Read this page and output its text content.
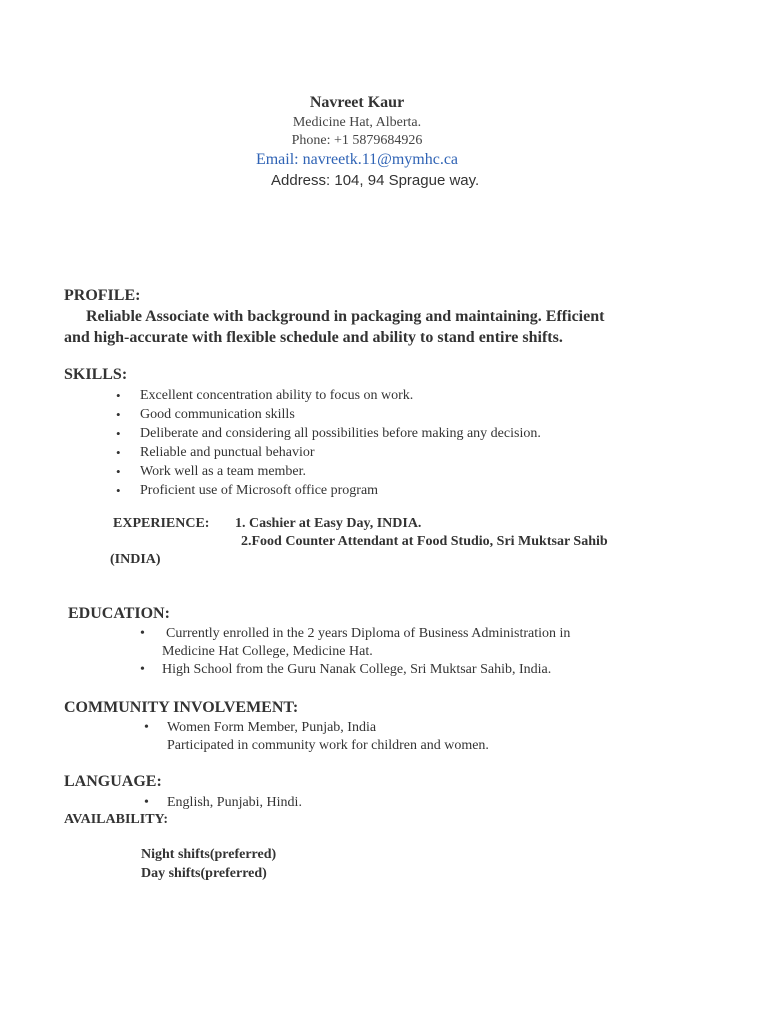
Navreet Kaur
Medicine Hat, Alberta.
Phone: +1 5879684926
Email: navreetk.11@mymhc.ca
Address: 104, 94 Sprague way.
PROFILE:
Reliable Associate with background in packaging and maintaining. Efficient
and high-accurate with flexible schedule and ability to stand entire shifts.
SKILLS:
• Excellent concentration ability to focus on work.
• Good communication skills
• Deliberate and considering all possibilities before making any decision.
• Reliable and punctual behavior
• Work well as a team member.
• Proficient use of Microsoft office program
EXPERIENCE: 1. Cashier at Easy Day, INDIA.
2.Food Counter Attendant at Food Studio, Sri Muktsar Sahib
(INDIA)
EDUCATION:
• Currently enrolled in the 2 years Diploma of Business Administration in
Medicine Hat College, Medicine Hat.
• High School from the Guru Nanak College, Sri Muktsar Sahib, India.
COMMUNITY INVOLVEMENT:
• Women Form Member, Punjab, India
Participated in community work for children and women.
LANGUAGE:
• English, Punjabi, Hindi.
AVAILABILITY:
Night shifts(preferred)
Day shifts(preferred)
